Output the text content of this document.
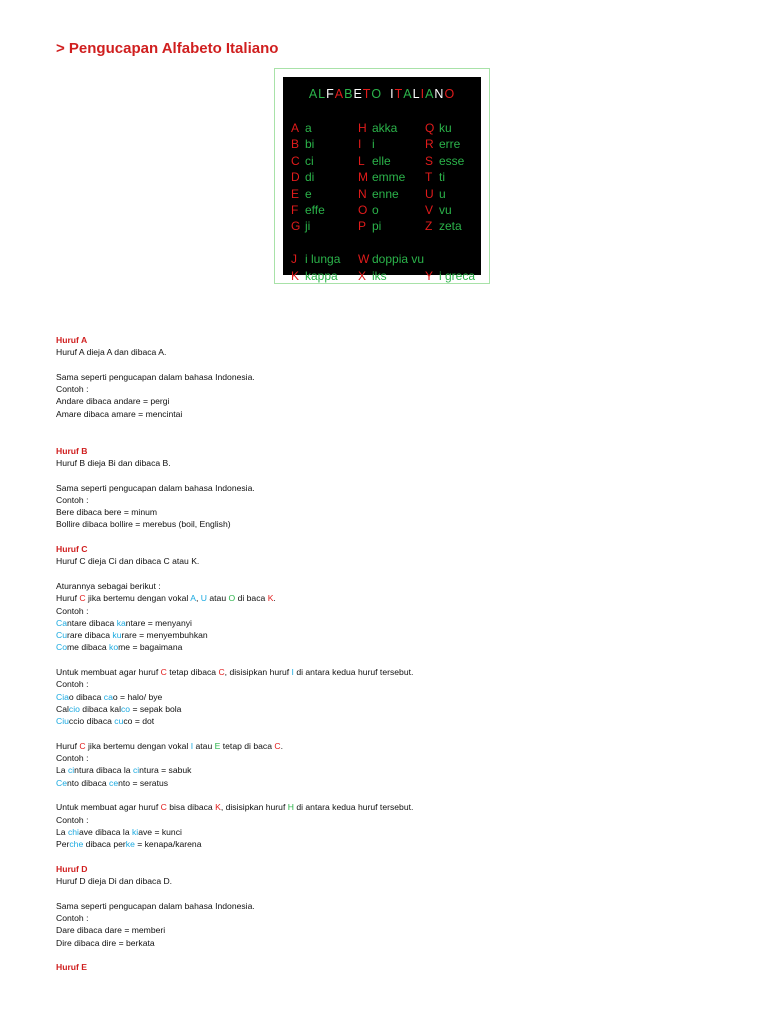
> Pengucapan Alfabeto Italiano
ALFABETO ITALIANO
A a
B bi
C ci
D di
E e
F effe
G ji
J i lunga
K kappa
H akka
I i
L elle
M emme
N enne
O o
P pi
W doppia vu
X iks
Q ku
R erre
S esse
T ti
U u
V vu
Z zeta
Y i greca

Huruf A

Huruf A dieja A dan dibaca A.

Sama seperti pengucapan dalam bahasa Indonesia.

Contoh :

Andare dibaca andare = pergi

Amare dibaca amare = mencintai

Huruf B

Huruf B dieja Bi dan dibaca B.

Sama seperti pengucapan dalam bahasa Indonesia.

Contoh :

Bere dibaca bere = minum

Bollire dibaca bollire = merebus (boil, English)

Huruf C

Huruf C dieja Ci dan dibaca C atau K.

Aturannya sebagai berikut :

Huruf C jika bertemu dengan vokal A, U atau O di baca K.

Contoh :

Cantare dibaca kantare = menyanyi

Curare dibaca kurare = menyembuhkan

Come dibaca kome = bagaimana

Untuk membuat agar huruf C tetap dibaca C, disisipkan huruf I di antara kedua huruf tersebut.

Contoh :

Ciao dibaca cao = halo/ bye

Calcio dibaca kalco = sepak bola

Ciuccio dibaca cuco = dot

Huruf C jika bertemu dengan vokal I atau E tetap di baca C.

Contoh :

La cintura dibaca la cintura = sabuk

Cento dibaca cento = seratus

Untuk membuat agar huruf C bisa dibaca K, disisipkan huruf H di antara kedua huruf tersebut.

Contoh :

La chiave dibaca la kiave = kunci

Perche dibaca perke = kenapa/karena

Huruf D

Huruf D dieja Di dan dibaca D.

Sama seperti pengucapan dalam bahasa Indonesia.

Contoh :

Dare dibaca dare = memberi

Dire dibaca dire = berkata

Huruf E
